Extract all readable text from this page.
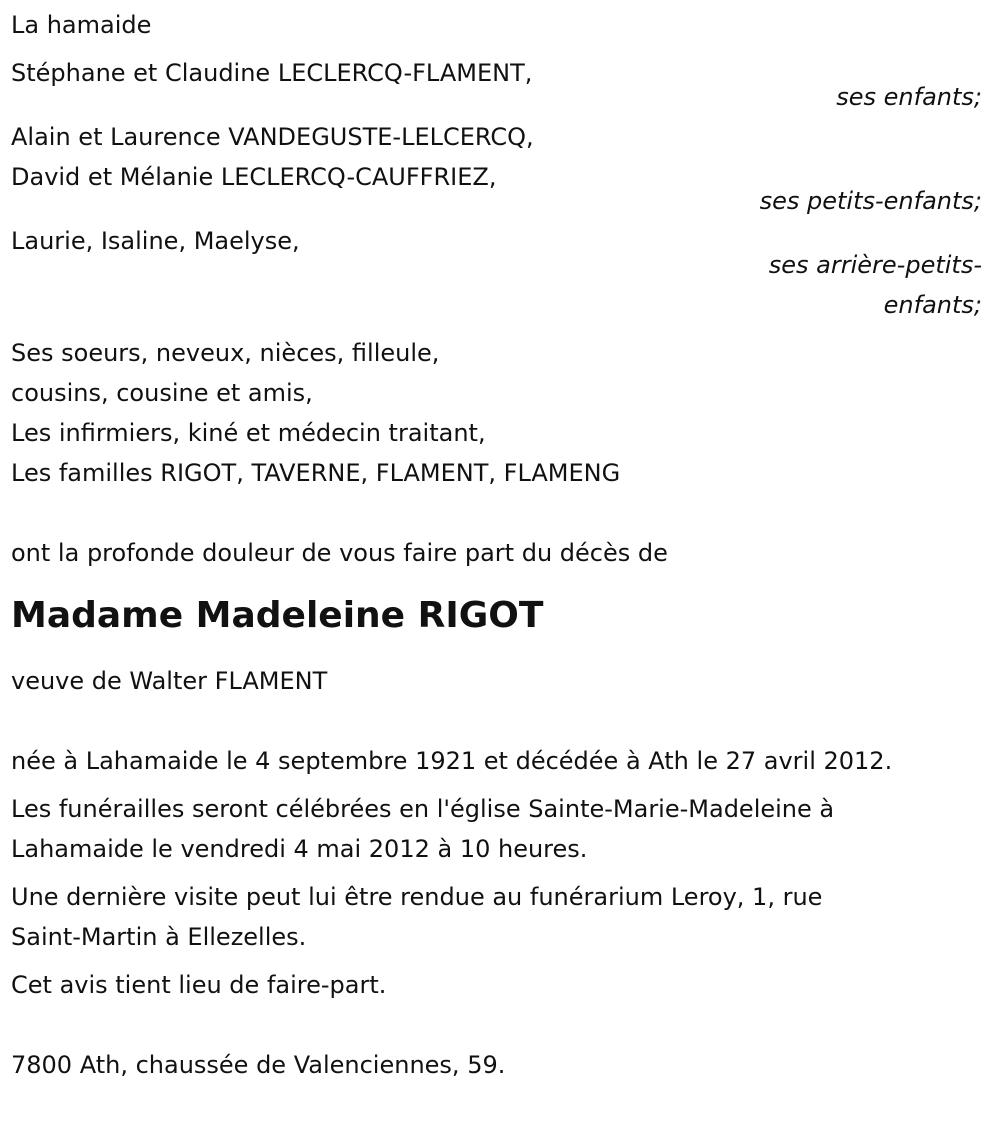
La hamaide
Stéphane et Claudine LECLERCQ-FLAMENT,
ses enfants;
Alain et Laurence VANDEGUSTE-LELCERCQ,
David et Mélanie LECLERCQ-CAUFFRIEZ,
ses petits-enfants;
Laurie, Isaline, Maelyse,
ses arrière-petits-
enfants;
Ses soeurs, neveux, nièces, filleule,
cousins, cousine et amis,
Les infirmiers, kiné et médecin traitant,
Les familles RIGOT, TAVERNE, FLAMENT, FLAMENG
ont la profonde douleur de vous faire part du décès de
Madame Madeleine RIGOT
veuve de Walter FLAMENT
née à Lahamaide le 4 septembre 1921 et décédée à Ath le 27 avril 2012.
Les funérailles seront célébrées en l'église Sainte-Marie-Madeleine à
Lahamaide le vendredi 4 mai 2012 à 10 heures.
Une dernière visite peut lui être rendue au funérarium Leroy, 1, rue
Saint-Martin à Ellezelles.
Cet avis tient lieu de faire-part.
7800 Ath, chaussée de Valenciennes, 59.
